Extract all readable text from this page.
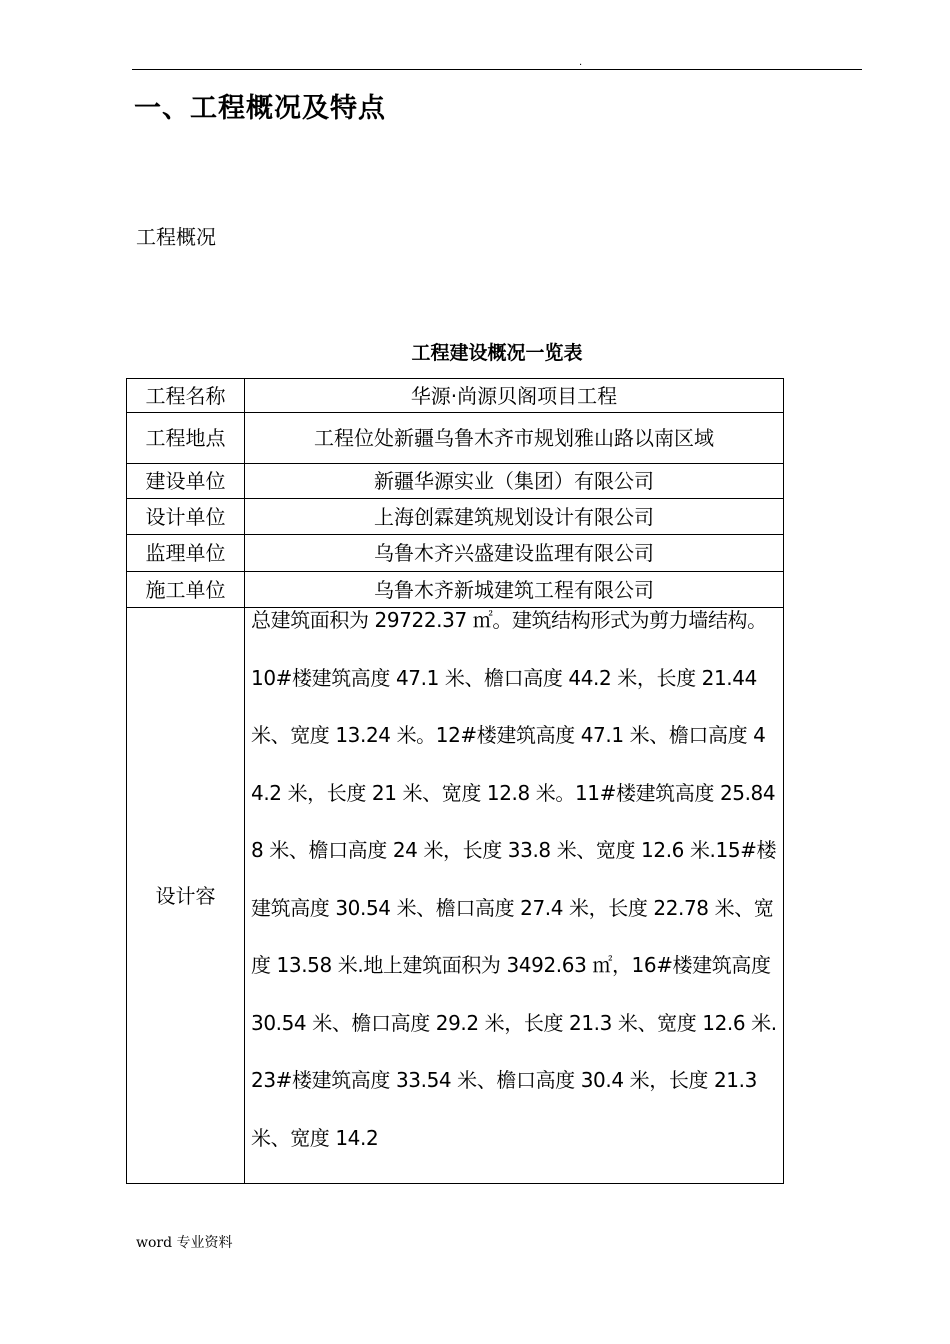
.
一、工程概况及特点
工程概况
工程建设概况一览表
工程名称	华源·尚源贝阁项目工程
工程地点	工程位处新疆乌鲁木齐市规划雅山路以南区域
建设单位	新疆华源实业（集团）有限公司
设计单位	上海创霖建筑规划设计有限公司
监理单位	乌鲁木齐兴盛建设监理有限公司
施工单位	乌鲁木齐新城建筑工程有限公司
设计容	总建筑面积为 29722.37 ㎡。建筑结构形式为剪力墙结构。10#楼建筑高度 47.1 米、檐口高度 44.2 米，长度 21.44 米、宽度 13.24 米。12#楼建筑高度 47.1 米、檐口高度 44.2 米，长度 21 米、宽度 12.8 米。11#楼建筑高度 25.848 米、檐口高度 24 米，长度 33.8 米、宽度 12.6 米.15#楼建筑高度 30.54 米、檐口高度 27.4 米，长度 22.78 米、宽度 13.58 米.地上建筑面积为 3492.63 ㎡，16#楼建筑高度 30.54 米、檐口高度 29.2 米，长度 21.3 米、宽度 12.6 米.23#楼建筑高度 33.54 米、檐口高度 30.4 米，长度 21.3 米、宽度 14.2
word 专业资料
